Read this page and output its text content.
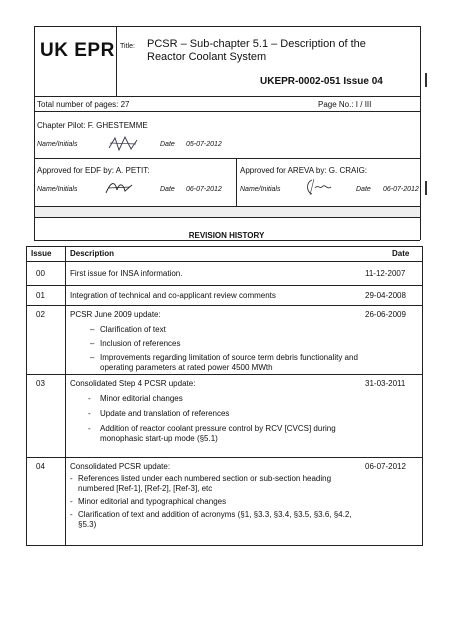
UK EPR Title: PCSR – Sub-chapter 5.1 – Description of the Reactor Coolant System
UKEPR-0002-051 Issue 04
Total number of pages: 27	Page No.: I / III
Chapter Pilot: F. GHESTEMME
Name/Initials	Date 05-07-2012
Approved for EDF by: A. PETIT:	Approved for AREVA by: G. CRAIG:
Name/Initials	Date 06-07-2012	Name/Initials	Date 06-07-2012
REVISION HISTORY
Issue Description	Date
00	First issue for INSA information.	11-12-2007
01	Integration of technical and co-applicant review comments	29-04-2008
02	PCSR June 2009 update:	26-06-2009
– Clarification of text
– Inclusion of references
– Improvements regarding limitation of source term debris functionality and operating parameters at rated power 4500 MWth
03	Consolidated Step 4 PCSR update:	31-03-2011
- Minor editorial changes
- Update and translation of references
- Addition of reactor coolant pressure control by RCV [CVCS] during monophasic start-up mode (§5.1)
04	Consolidated PCSR update:	06-07-2012
- References listed under each numbered section or sub-section heading numbered [Ref-1], [Ref-2], [Ref-3], etc
- Minor editorial and typographical changes
- Clarification of text and addition of acronyms (§1, §3.3, §3.4, §3.5, §3.6, §4.2, §5.3)
